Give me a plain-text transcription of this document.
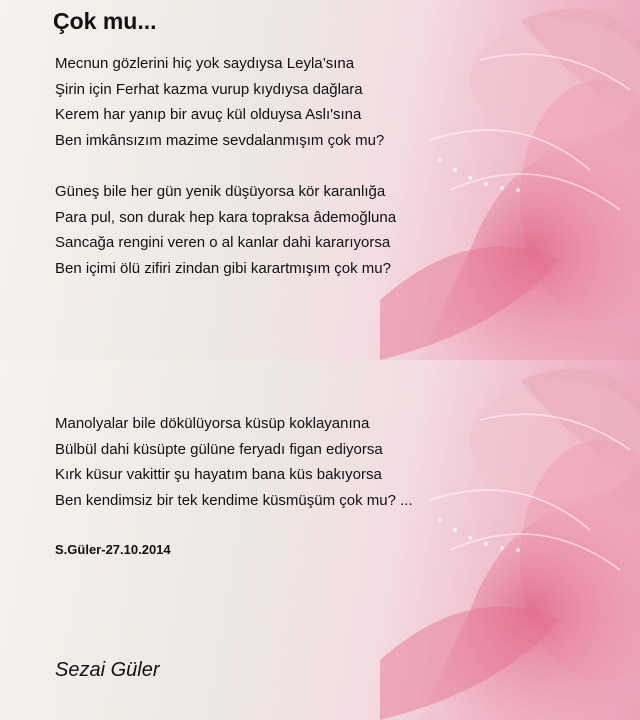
Çok mu...
Mecnun gözlerini hiç yok saydıysa Leyla’sına
Şirin için Ferhat kazma vurup kıydıysa dağlara
Kerem har yanıp bir avuç kül olduysa Aslı'sına
Ben imkânsızım mazime sevdalanmışım çok mu?
Güneş bile her gün yenik düşüyorsa kör karanlığa
Para pul, son durak hep kara topraksa âdemoğluna
Sancağa rengini veren o al kanlar dahi kararıyorsa
Ben içimi ölü zifiri zindan gibi karartmışım çok mu?
Manolyalar bile dökülüyorsa küsüp koklayanına
Bülbül dahi küsüpte gülüne feryadı figan ediyorsa
Kırk küsur vakittir şu hayatım bana küs bakıyorsa
Ben kendimsiz bir tek kendime küsmüşüm çok mu? ...
S.Güler-27.10.2014
Sezai Güler
